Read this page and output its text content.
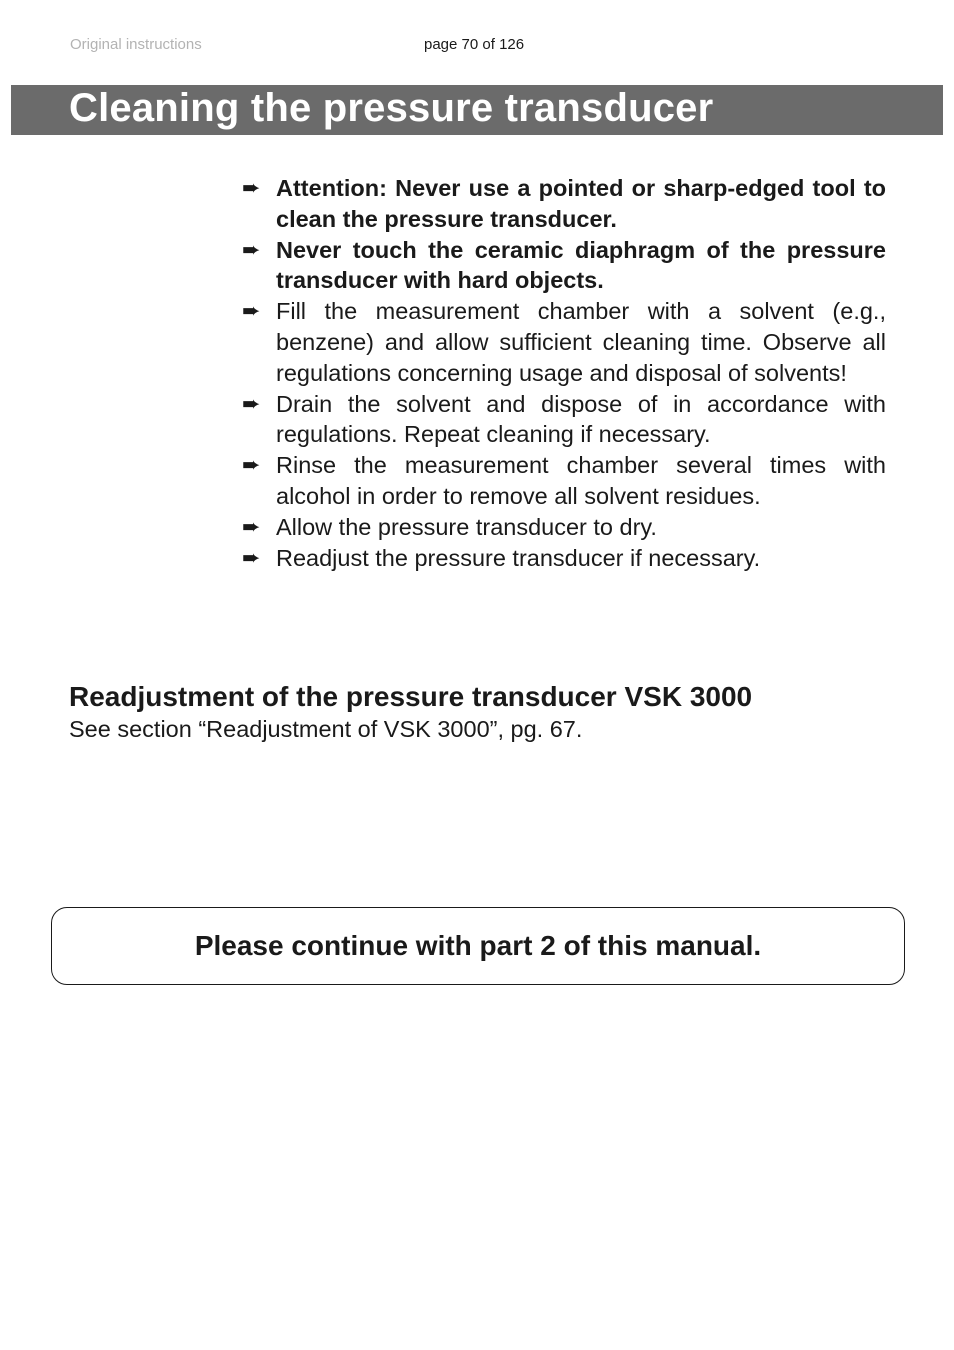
Original instructions	page 70 of 126
Cleaning the pressure transducer
➨ Attention: Never use a pointed or sharp-edged tool to clean the pressure transducer.
➨ Never touch the ceramic diaphragm of the pressure transducer with hard objects.
➨ Fill the measurement chamber with a solvent (e.g., benzene) and allow sufficient cleaning time. Observe all regulations concerning usage and disposal of solvents!
➨ Drain the solvent and dispose of in accordance with regulations. Repeat cleaning if necessary.
➨ Rinse the measurement chamber several times with alcohol in order to remove all solvent residues.
➨ Allow the pressure transducer to dry.
➨ Readjust the pressure transducer if necessary.
Readjustment of the pressure transducer VSK 3000
See section “Readjustment of VSK 3000”, pg. 67.
Please continue with part 2 of this manual.
